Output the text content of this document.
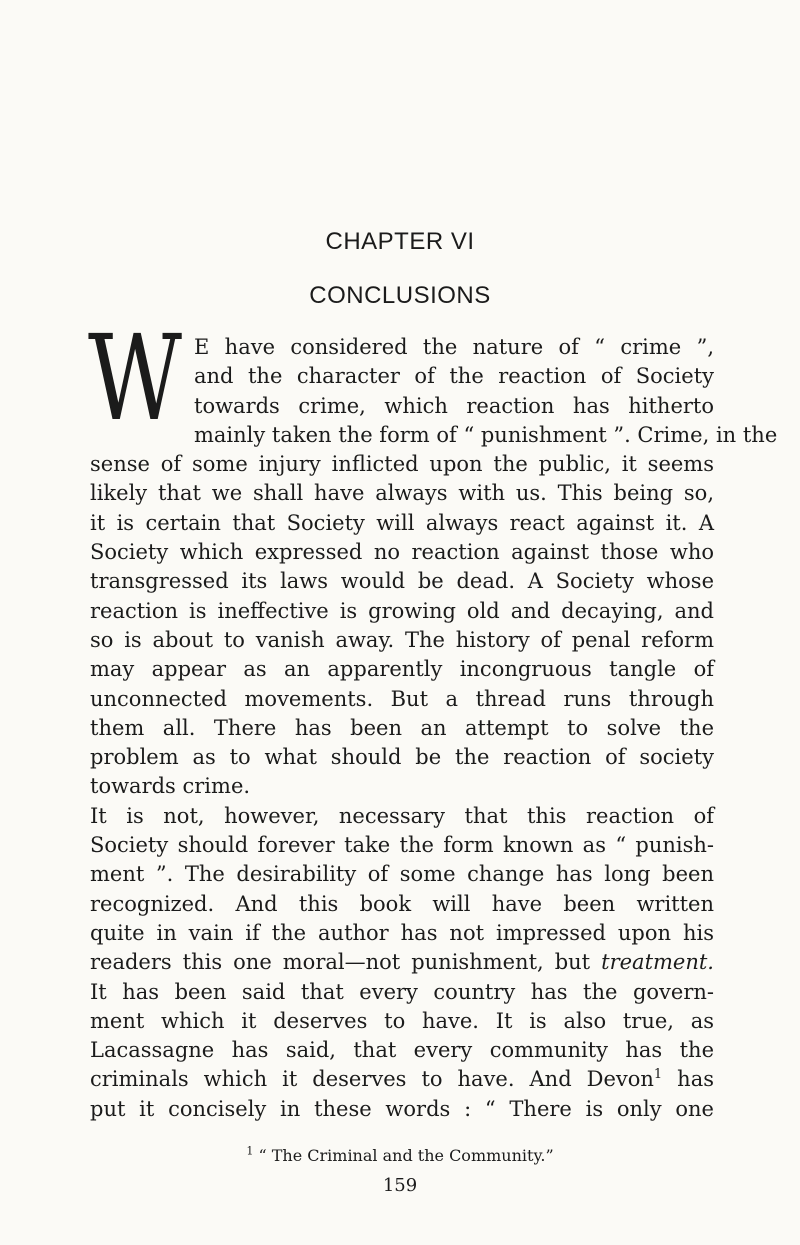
CHAPTER VI
CONCLUSIONS
W E have considered the nature of “ crime ”,
and the character of the reaction of Society
towards crime, which reaction has hitherto
mainly taken the form of “ punishment ”. Crime, in the
sense of some injury inflicted upon the public, it seems
likely that we shall have always with us. This being so,
it is certain that Society will always react against it. A
Society which expressed no reaction against those who
transgressed its laws would be dead. A Society whose
reaction is ineffective is growing old and decaying, and
so is about to vanish away. The history of penal reform
may appear as an apparently incongruous tangle of
unconnected movements. But a thread runs through
them all. There has been an attempt to solve the
problem as to what should be the reaction of society
towards crime.

It is not, however, necessary that this reaction of
Society should forever take the form known as “ punish-
ment ”. The desirability of some change has long been
recognized. And this book will have been written
quite in vain if the author has not impressed upon his
readers this one moral—not punishment, but treatment.

It has been said that every country has the govern-
ment which it deserves to have. It is also true, as
Lacassagne has said, that every community has the
criminals which it deserves to have. And Devon$^1$ has
put it concisely in these words : “ There is only one

$^1$ “ The Criminal and the Community.”
159
